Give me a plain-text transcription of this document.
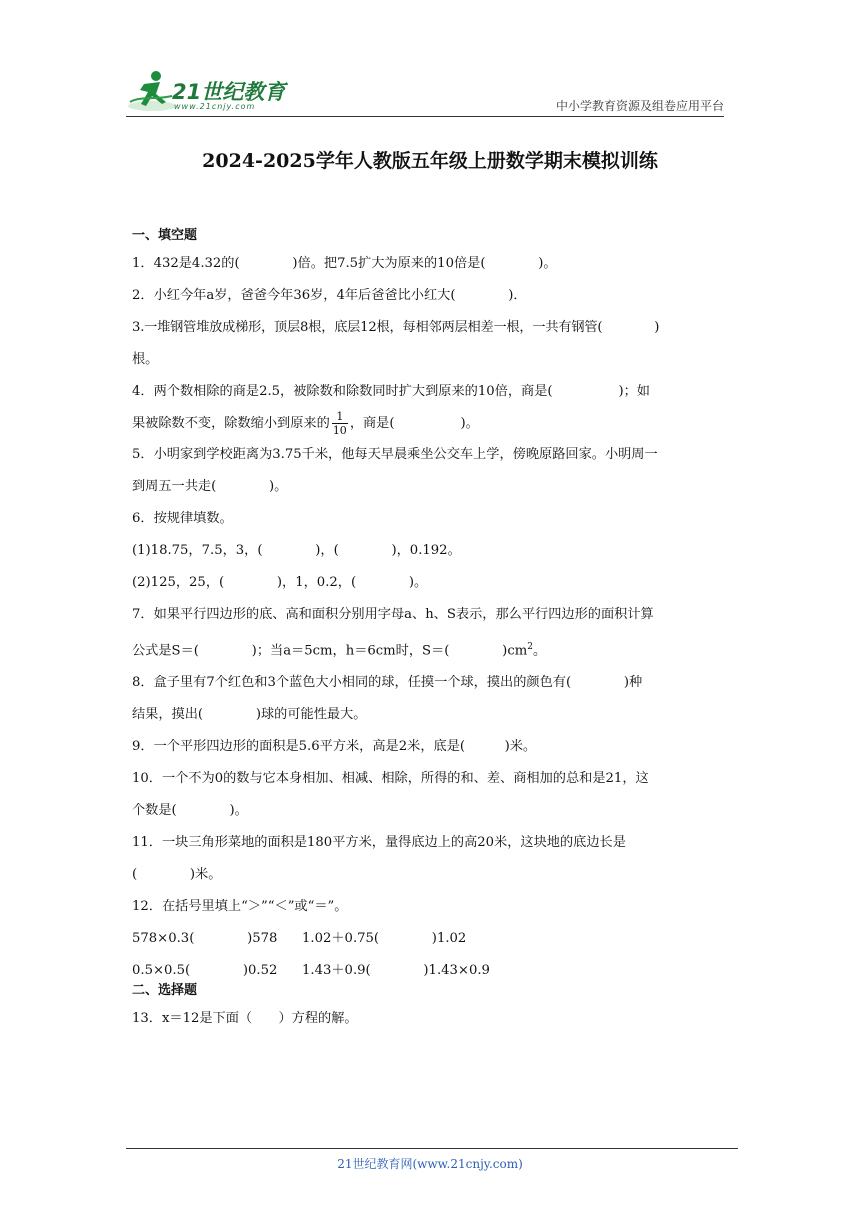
21世纪教育
www.21cnjy.com	中小学教育资源及组卷应用平台
2024-2025学年人教版五年级上册数学期末模拟训练

一、填空题

1．432是4.32的(　　　　)倍。把7.5扩大为原来的10倍是(　　　　)。

2．小红今年a岁，爸爸今年36岁，4年后爸爸比小红大(　　　　)．

3.一堆钢管堆放成梯形，顶层8根，底层12根，每相邻两层相差一根，一共有钢管(　　　　)

根。

4．两个数相除的商是2.5，被除数和除数同时扩大到原来的10倍，商是(　　　　　)；如

果被除数不变，除数缩小到原来的 $\frac{1}{10}$ ，商是(　　　　　)。

5．小明家到学校距离为3.75千米，他每天早晨乘坐公交车上学，傍晚原路回家。小明周一

到周五一共走(　　　　)。

6．按规律填数。

(1)18.75，7.5，3，(　　　　)，(　　　　)，0.192。

(2)125，25，(　　　　)，1，0.2，(　　　　)。

7．如果平行四边形的底、高和面积分别用字母a、h、S表示，那么平行四边形的面积计算

公式是S＝(　　　　)；当a＝5cm，h＝6cm时，S＝(　　　　)$cm^2$。

8．盒子里有7个红色和3个蓝色大小相同的球，任摸一个球，摸出的颜色有(　　　　)种

结果，摸出(　　　　)球的可能性最大。

9．一个平形四边形的面积是5.6平方米，高是2米，底是(　　　)米。

10．一个不为0的数与它本身相加、相减、相除，所得的和、差、商相加的总和是21，这

个数是(　　　　)。

11．一块三角形菜地的面积是180平方米，量得底边上的高20米，这块地的底边长是

(　　　　)米。

12．在括号里填上“＞”“＜”或“＝”。

578×0.3(　　　　)578	1.02＋0.75(　　　　)1.02

0.5×0.5(　　　　)0.52	1.43＋0.9(　　　　)1.43×0.9

二、选择题

13．x＝12是下面（　　）方程的解。

21世纪教育网(www.21cnjy.com)
